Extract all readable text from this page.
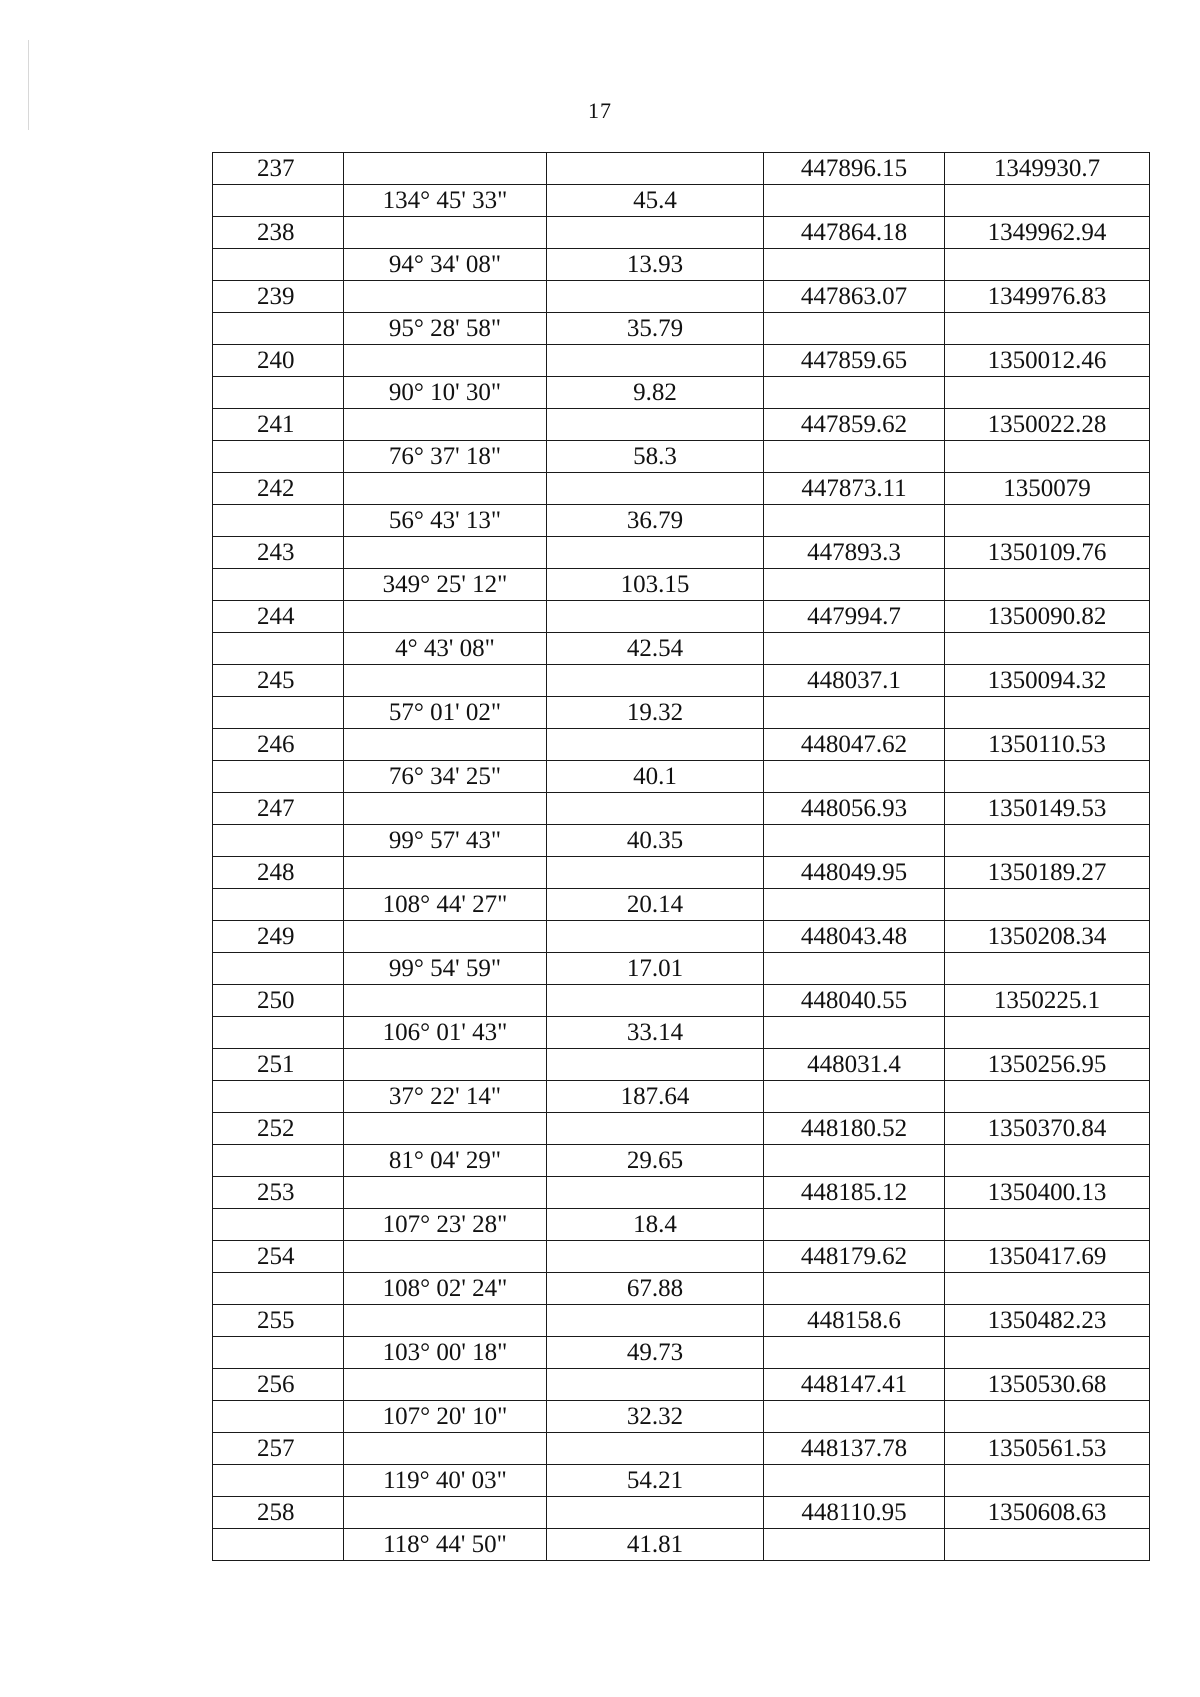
17
237			447896.15	1349930.7
	134° 45' 33"	45.4		
238			447864.18	1349962.94
	94° 34' 08"	13.93		
239			447863.07	1349976.83
	95° 28' 58"	35.79		
240			447859.65	1350012.46
	90° 10' 30"	9.82		
241			447859.62	1350022.28
	76° 37' 18"	58.3		
242			447873.11	1350079
	56° 43' 13"	36.79		
243			447893.3	1350109.76
	349° 25' 12"	103.15		
244			447994.7	1350090.82
	4° 43' 08"	42.54		
245			448037.1	1350094.32
	57° 01' 02"	19.32		
246			448047.62	1350110.53
	76° 34' 25"	40.1		
247			448056.93	1350149.53
	99° 57' 43"	40.35		
248			448049.95	1350189.27
	108° 44' 27"	20.14		
249			448043.48	1350208.34
	99° 54' 59"	17.01		
250			448040.55	1350225.1
	106° 01' 43"	33.14		
251			448031.4	1350256.95
	37° 22' 14"	187.64		
252			448180.52	1350370.84
	81° 04' 29"	29.65		
253			448185.12	1350400.13
	107° 23' 28"	18.4		
254			448179.62	1350417.69
	108° 02' 24"	67.88		
255			448158.6	1350482.23
	103° 00' 18"	49.73		
256			448147.41	1350530.68
	107° 20' 10"	32.32		
257			448137.78	1350561.53
	119° 40' 03"	54.21		
258			448110.95	1350608.63
	118° 44' 50"	41.81		
